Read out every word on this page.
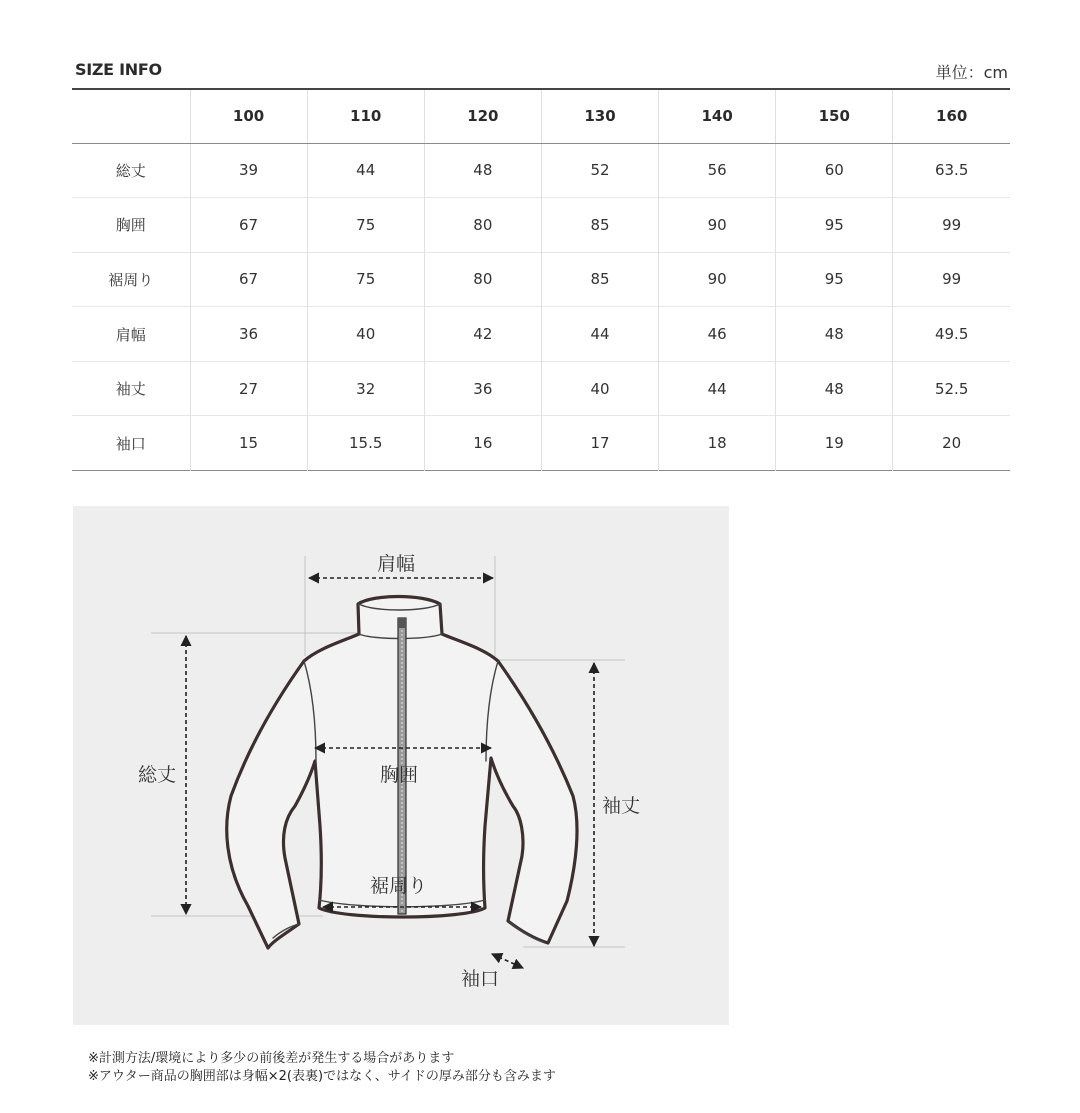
SIZE INFO	単位：cm
	100	110	120	130	140	150	160
総丈	39	44	48	52	56	60	63.5
胸囲	67	75	80	85	90	95	99
裾周り	67	75	80	85	90	95	99
肩幅	36	40	42	44	46	48	49.5
袖丈	27	32	36	40	44	48	52.5
袖口	15	15.5	16	17	18	19	20
肩幅
総丈	胸囲
袖丈
裾周り
袖口
※計測方法/環境により多少の前後差が発生する場合があります
※アウター商品の胸囲部は身幅×2(表裏)ではなく、サイドの厚み部分も含みます
